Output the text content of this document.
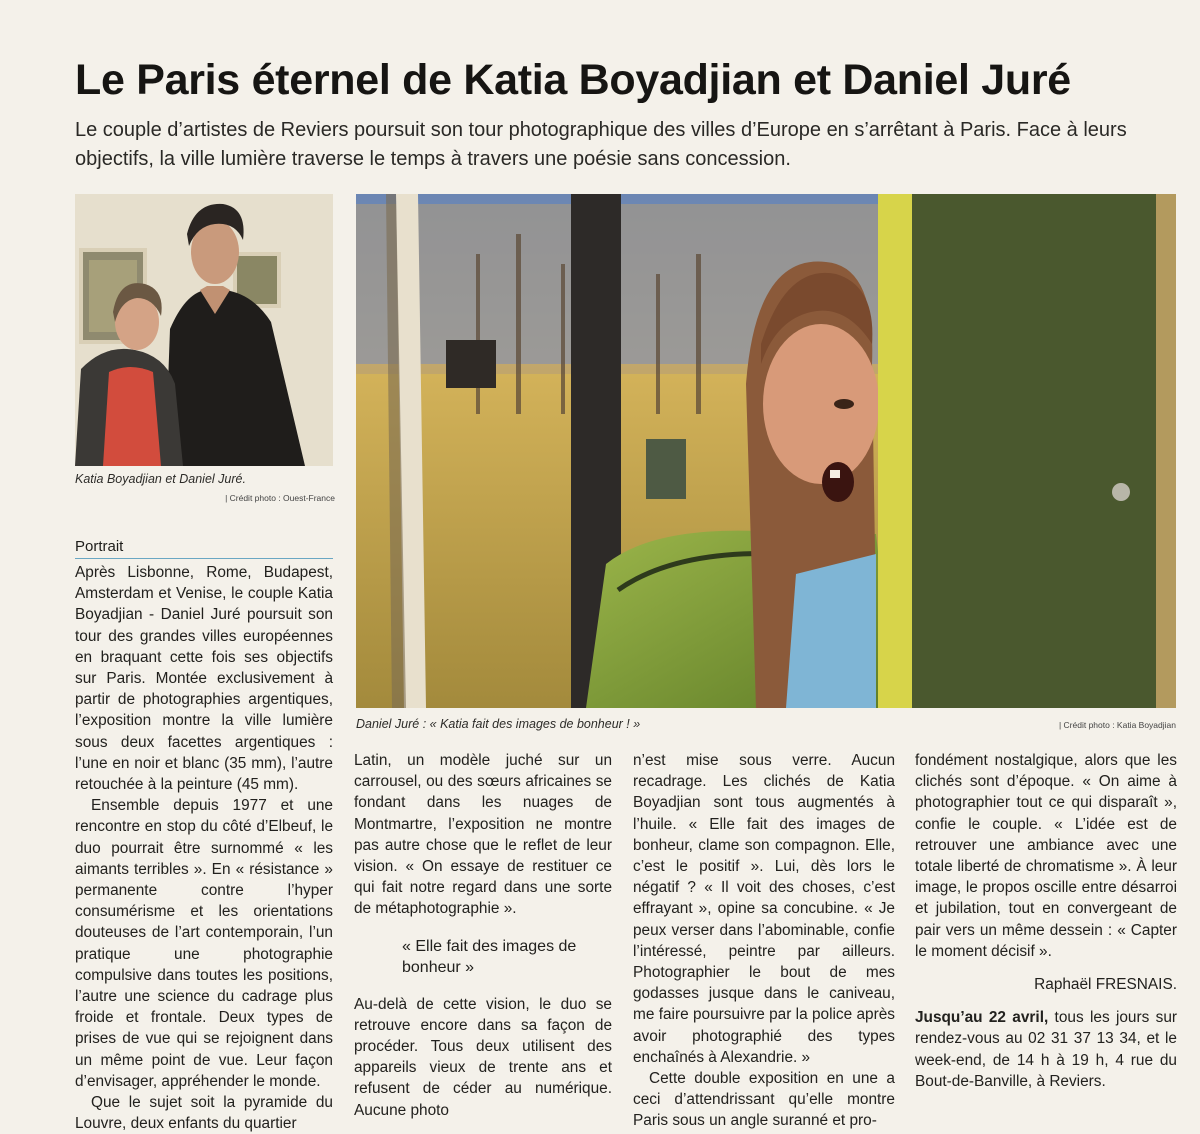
Le Paris éternel de Katia Boyadjian et Daniel Juré
Le couple d’artistes de Reviers poursuit son tour photographique des villes d’Europe en s’arrêtant à Paris. Face à leurs objectifs, la ville lumière traverse le temps à travers une poésie sans concession.
Katia Boyadjian et Daniel Juré.
| Crédit photo : Ouest-France
Daniel Juré : « Katia fait des images de bonheur ! »	| Crédit photo : Katia Boyadjian
Portrait

Après Lisbonne, Rome, Budapest, Amsterdam et Venise, le couple Katia Boyadjian - Daniel Juré poursuit son tour des grandes villes européennes en braquant cette fois ses objectifs sur Paris. Montée exclusivement à partir de photographies argentiques, l’exposition montre la ville lumière sous deux facettes argentiques : l’une en noir et blanc (35 mm), l’autre retouchée à la peinture (45 mm).

Ensemble depuis 1977 et une rencontre en stop du côté d’Elbeuf, le duo pourrait être surnommé « les aimants terribles ». En « résistance » permanente contre l’hyper consumérisme et les orientations douteuses de l’art contemporain, l’un pratique une photographie compulsive dans toutes les positions, l’autre une science du cadrage plus froide et frontale. Deux types de prises de vue qui se rejoignent dans un même point de vue. Leur façon d’envisager, appréhender le monde.

Que le sujet soit la pyramide du Louvre, deux enfants du quartier

Latin, un modèle juché sur un carrousel, ou des sœurs africaines se fondant dans les nuages de Montmartre, l’exposition ne montre pas autre chose que le reflet de leur vision. « On essaye de restituer ce qui fait notre regard dans une sorte de métaphotographie ».

« Elle fait des images de bonheur »

Au-delà de cette vision, le duo se retrouve encore dans sa façon de procéder. Tous deux utilisent des appareils vieux de trente ans et refusent de céder au numérique. Aucune photo

n’est mise sous verre. Aucun recadrage. Les clichés de Katia Boyadjian sont tous augmentés à l’huile. « Elle fait des images de bonheur, clame son compagnon. Elle, c’est le positif ». Lui, dès lors le négatif ? « Il voit des choses, c’est effrayant », opine sa concubine. « Je peux verser dans l’abominable, confie l’intéressé, peintre par ailleurs. Photographier le bout de mes godasses jusque dans le caniveau, me faire poursuivre par la police après avoir photographié des types enchaînés à Alexandrie. »

Cette double exposition en une a ceci d’attendrissant qu’elle montre Paris sous un angle suranné et pro-

fondément nostalgique, alors que les clichés sont d’époque. « On aime à photographier tout ce qui disparaît », confie le couple. « L’idée est de retrouver une ambiance avec une totale liberté de chromatisme ». À leur image, le propos oscille entre désarroi et jubilation, tout en convergeant de pair vers un même dessein : « Capter le moment décisif ».

Raphaël FRESNAIS.

Jusqu’au 22 avril, tous les jours sur rendez-vous au 02 31 37 13 34, et le week-end, de 14 h à 19 h, 4 rue du Bout-de-Banville, à Reviers.
